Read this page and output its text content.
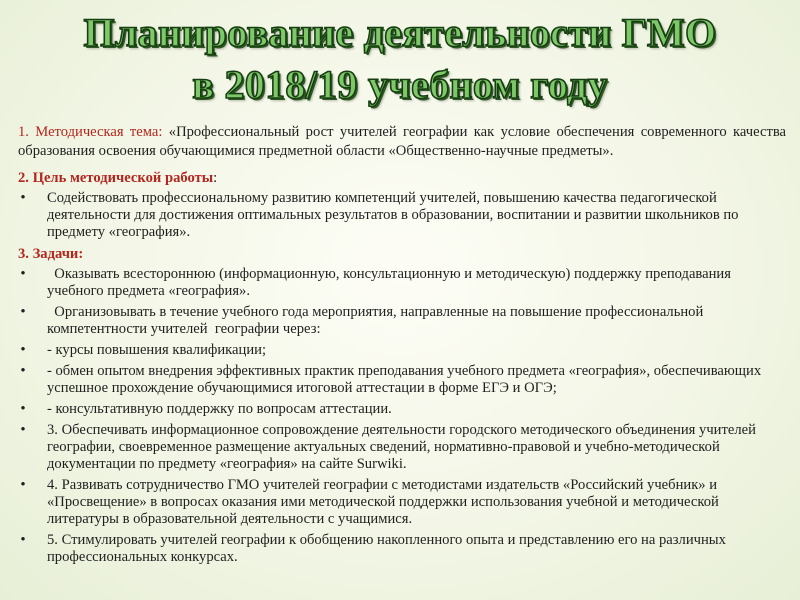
Планирование деятельности ГМО
в 2018/19 учебном году

1. Методическая тема: «Профессиональный рост учителей географии как условие обеспечения современного качества образования освоения обучающимися предметной области «Общественно-научные предметы».

2. Цель методической работы:
• Содействовать профессиональному развитию компетенций учителей, повышению качества педагогической деятельности для достижения оптимальных результатов в образовании, воспитании и развитии школьников по предмету «география».
3. Задачи:
• Оказывать всестороннюю (информационную, консультационную и методическую) поддержку преподавания учебного предмета «география».
• Организовывать в течение учебного года мероприятия, направленные на повышение профессиональной компетентности учителей  географии через:
• - курсы повышения квалификации;
• - обмен опытом внедрения эффективных практик преподавания учебного предмета «география», обеспечивающих успешное прохождение обучающимися итоговой аттестации в форме ЕГЭ и ОГЭ;
• - консультативную поддержку по вопросам аттестации.
• 3. Обеспечивать информационное сопровождение деятельности городского методического объединения учителей географии, своевременное размещение актуальных сведений, нормативно-правовой и учебно-методической документации по предмету «география» на сайте Surwiki.
• 4. Развивать сотрудничество ГМО учителей географии с методистами издательств «Российский учебник» и «Просвещение» в вопросах оказания ими методической поддержки использования учебной и методической литературы в образовательной деятельности с учащимися.
• 5. Стимулировать учителей географии к обобщению накопленного опыта и представлению его на различных профессиональных конкурсах.
